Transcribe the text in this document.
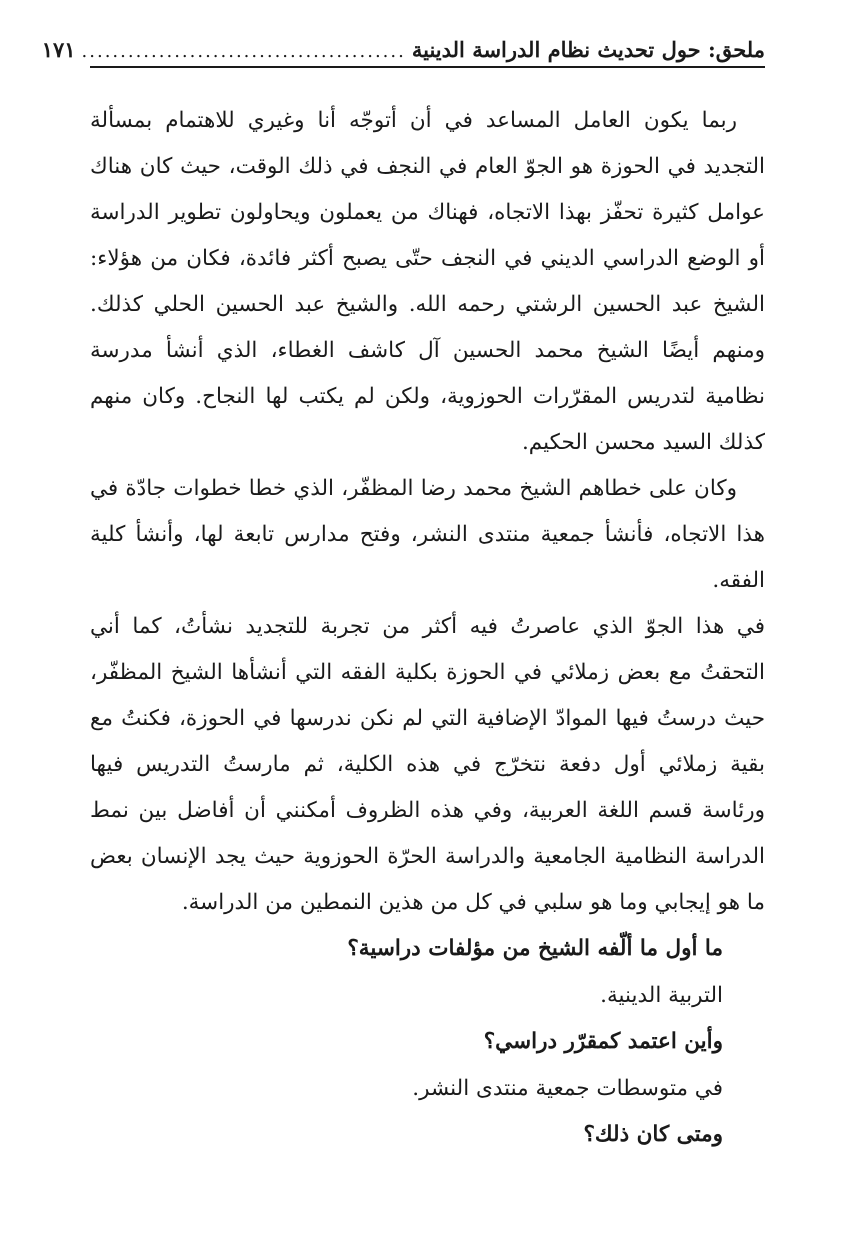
ملحق: حول تحديث نظام الدراسة الدينية
..........................................
١٧١

ربما يكون العامل المساعد في أن أتوجّه أنا وغيري للاهتمام بمسألة التجديد في الحوزة هو الجوّ العام في النجف في ذلك الوقت، حيث كان هناك عوامل كثيرة تحفّز بهذا الاتجاه، فهناك من يعملون ويحاولون تطوير الدراسة أو الوضع الدراسي الديني في النجف حتّى يصبح أكثر فائدة، فكان من هؤلاء: الشيخ عبد الحسين الرشتي رحمه الله. والشيخ عبد الحسين الحلي كذلك. ومنهم أيضًا الشيخ محمد الحسين آل كاشف الغطاء، الذي أنشأ مدرسة نظامية لتدريس المقرّرات الحوزوية، ولكن لم يكتب لها النجاح. وكان منهم كذلك السيد محسن الحكيم.

وكان على خطاهم الشيخ محمد رضا المظفّر، الذي خطا خطوات جادّة في هذا الاتجاه، فأنشأ جمعية منتدى النشر، وفتح مدارس تابعة لها، وأنشأ كلية الفقه.

في هذا الجوّ الذي عاصرتُ فيه أكثر من تجربة للتجديد نشأتُ، كما أني التحقتُ مع بعض زملائي في الحوزة بكلية الفقه التي أنشأها الشيخ المظفّر، حيث درستُ فيها الموادّ الإضافية التي لم نكن ندرسها في الحوزة، فكنتُ مع بقية زملائي أول دفعة نتخرّج في هذه الكلية، ثم مارستُ التدريس فيها ورئاسة قسم اللغة العربية، وفي هذه الظروف أمكنني أن أفاضل بين نمط الدراسة النظامية الجامعية والدراسة الحرّة الحوزوية حيث يجد الإنسان بعض ما هو إيجابي وما هو سلبي في كل من هذين النمطين من الدراسة.

ما أول ما ألّفه الشيخ من مؤلفات دراسية؟

التربية الدينية.

وأين اعتمد كمقرّر دراسي؟

في متوسطات جمعية منتدى النشر.

ومتى كان ذلك؟
